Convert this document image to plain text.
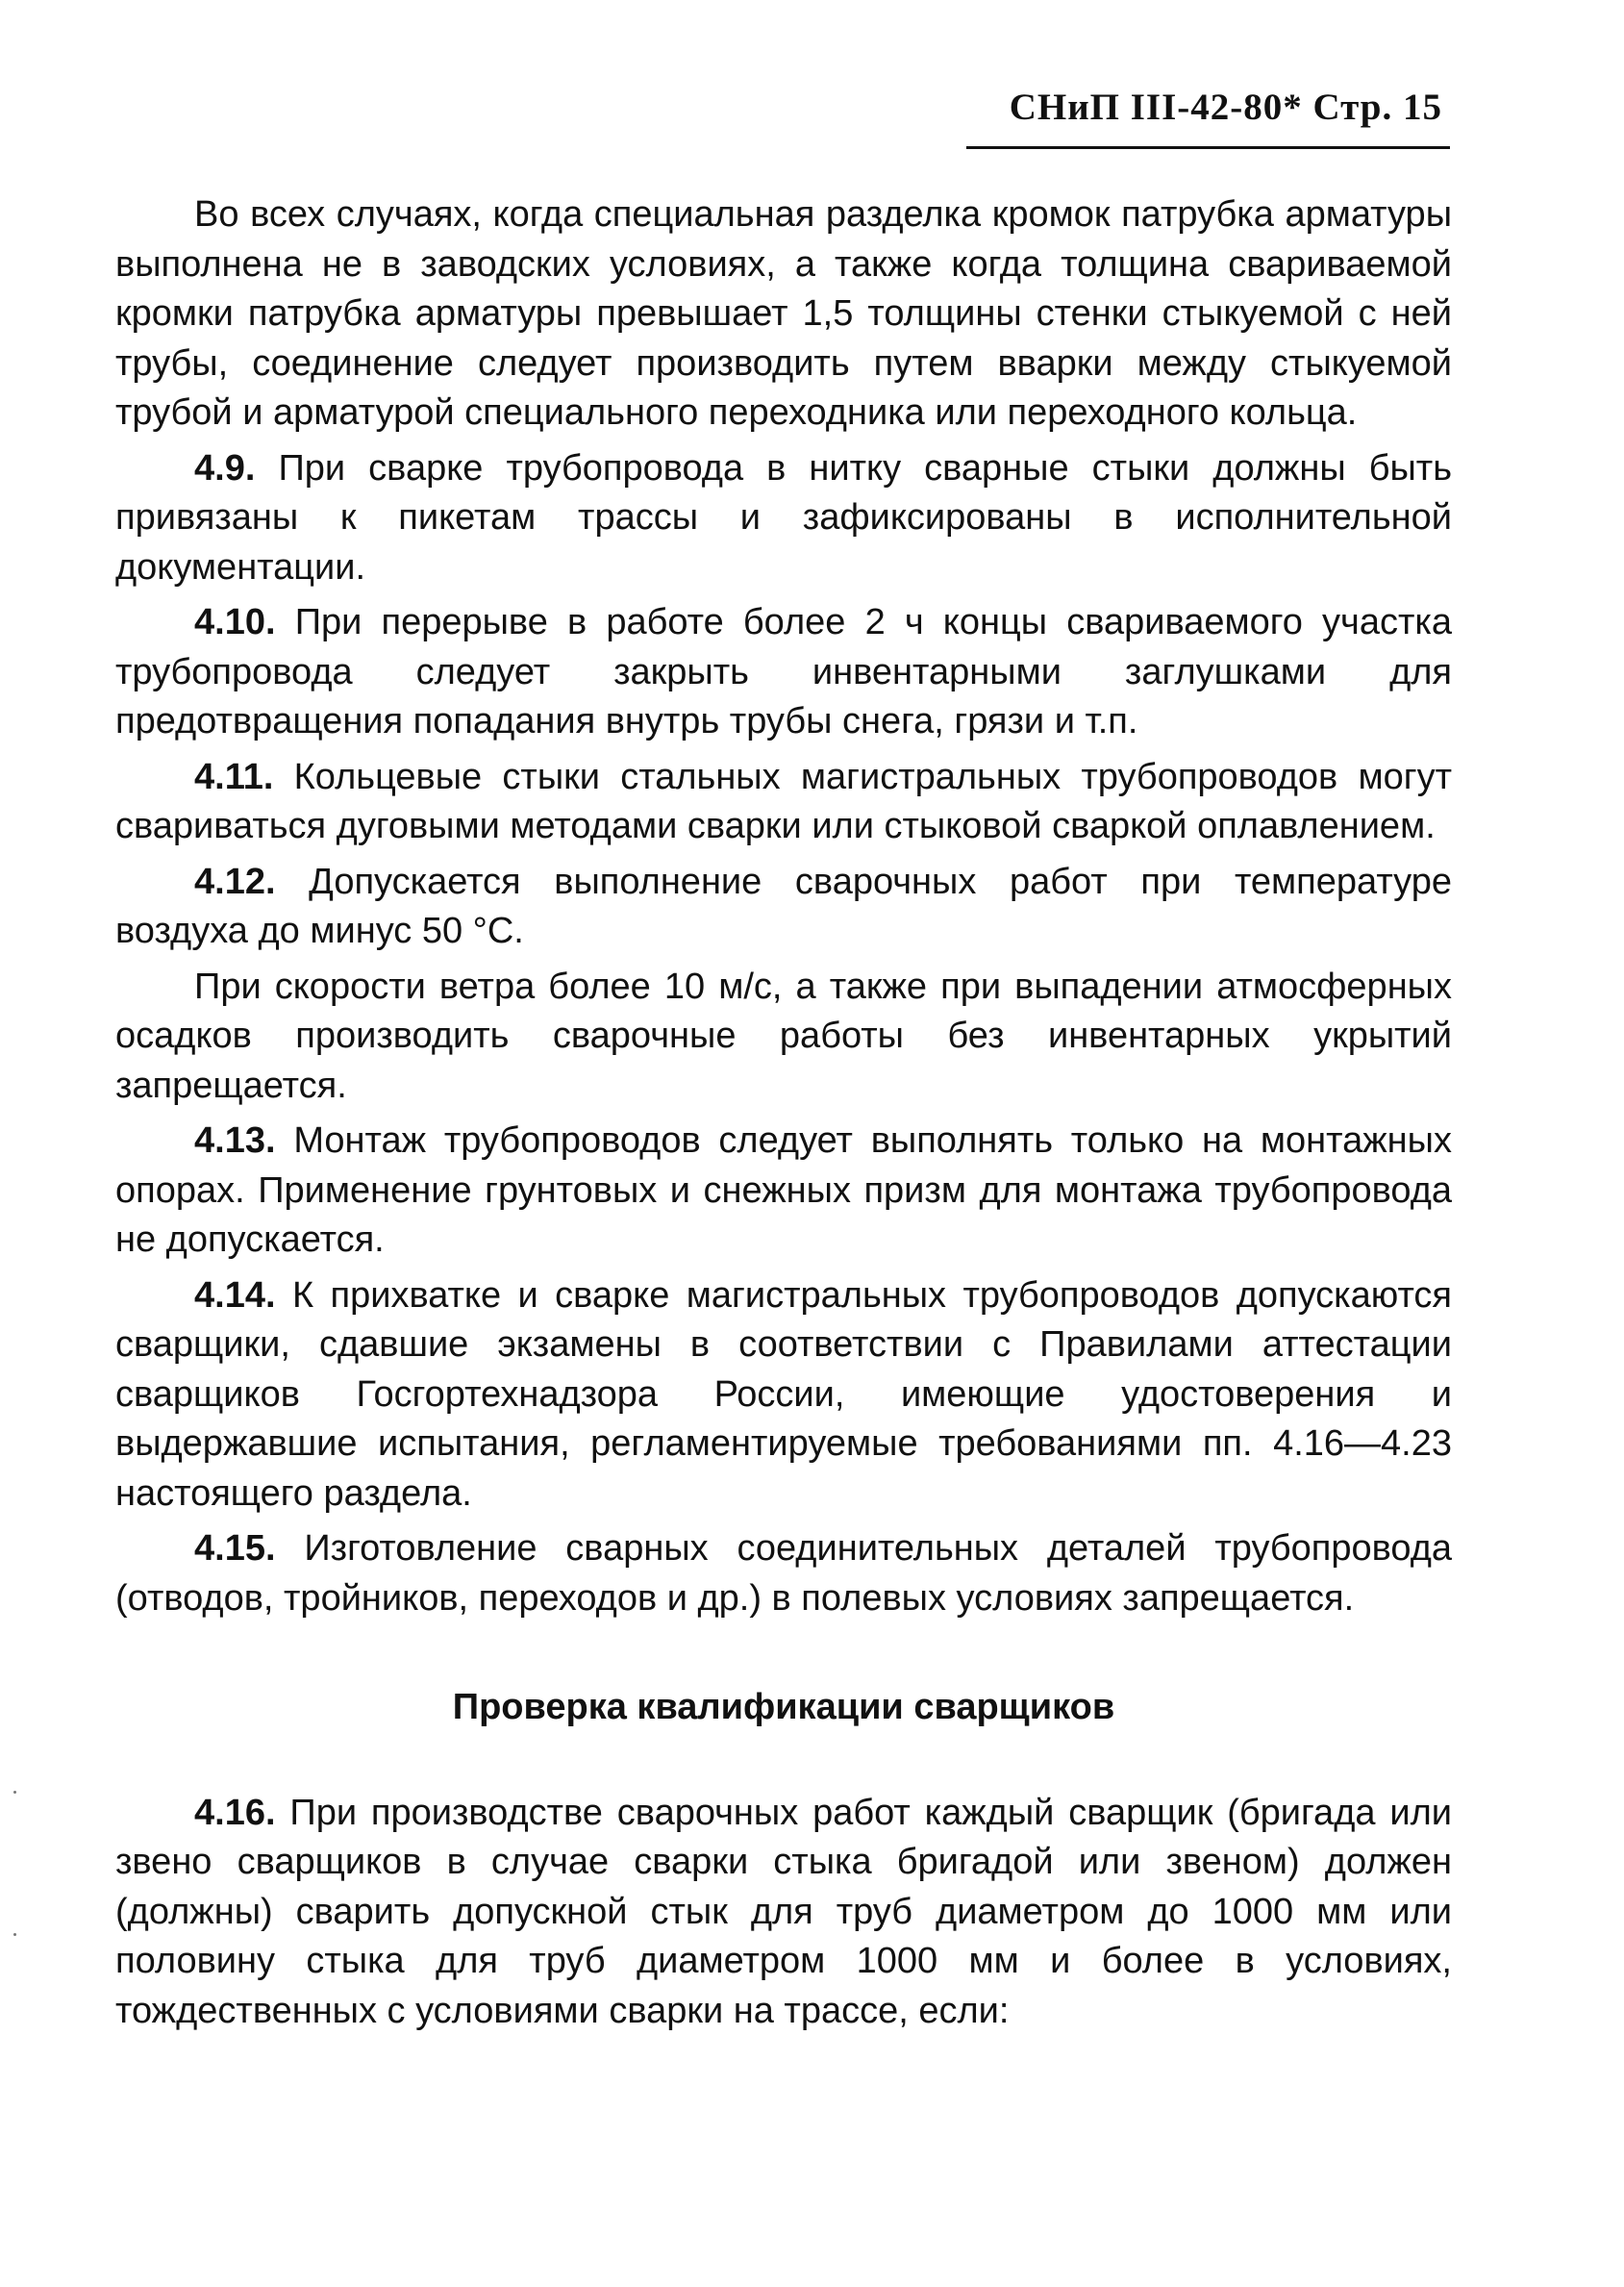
СНиП III-42-80* Стр. 15

Во всех случаях, когда специальная разделка кромок патрубка арматуры выполнена не в заводских условиях, а также когда толщина свариваемой кромки патрубка арматуры превышает 1,5 толщины стенки стыкуемой с ней трубы, соединение следует производить путем вварки между стыкуемой трубой и арматурой специального переходника или переходного кольца.

4.9. При сварке трубопровода в нитку сварные стыки должны быть привязаны к пикетам трассы и зафиксированы в исполнительной документации.

4.10. При перерыве в работе более 2 ч концы свариваемого участка трубопровода следует закрыть инвентарными заглушками для предотвращения попадания внутрь трубы снега, грязи и т.п.

4.11. Кольцевые стыки стальных магистральных трубопроводов могут свариваться дуговыми методами сварки или стыковой сваркой оплавлением.

4.12. Допускается выполнение сварочных работ при температуре воздуха до минус 50 °С.

При скорости ветра более 10 м/с, а также при выпадении атмосферных осадков производить сварочные работы без инвентарных укрытий запрещается.

4.13. Монтаж трубопроводов следует выполнять только на монтажных опорах. Применение грунтовых и снежных призм для монтажа трубопровода не допускается.

4.14. К прихватке и сварке магистральных трубопроводов допускаются сварщики, сдавшие экзамены в соответствии с Правилами аттестации сварщиков Госгортехнадзора России, имеющие удостоверения и выдержавшие испытания, регламентируемые требованиями пп. 4.16—4.23 настоящего раздела.

4.15. Изготовление сварных соединительных деталей трубопровода (отводов, тройников, переходов и др.) в полевых условиях запрещается.

Проверка квалификации сварщиков

4.16. При производстве сварочных работ каждый сварщик (бригада или звено сварщиков в случае сварки стыка бригадой или звеном) должен (должны) сварить допускной стык для труб диаметром до 1000 мм или половину стыка для труб диаметром 1000 мм и более в условиях, тождественных с условиями сварки на трассе, если:
